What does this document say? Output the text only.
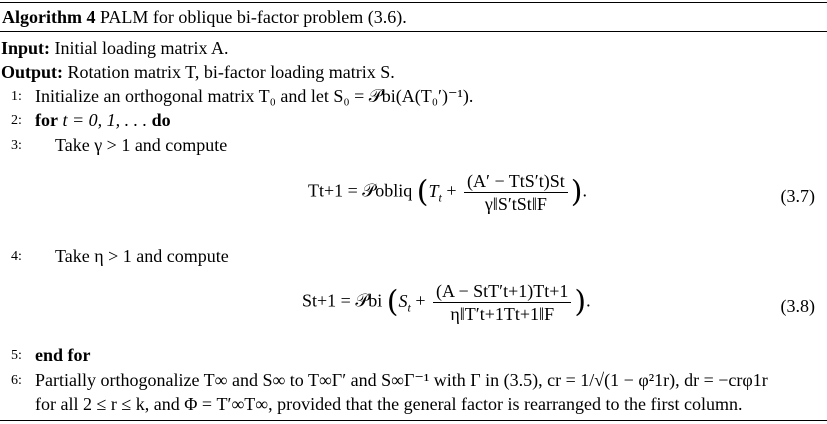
Algorithm 4 PALM for oblique bi-factor problem (3.6).
Input: Initial loading matrix A.
Output: Rotation matrix T, bi-factor loading matrix S.
1: Initialize an orthogonal matrix T₀ and let S₀ = 𝒫bi(A(T₀′)⁻¹).
2: for t = 0, 1, . . . do
3: Take γ > 1 and compute
Tt+1 = 𝒫obliq ($T_t + \frac{\text{(A′ − TtS′t)St}}{\text{γ‖S′tSt‖F}}$ ).	(3.7)
4: Take η > 1 and compute
St+1 = 𝒫bi ($S_t + \frac{\text{(A − StT′t+1)Tt+1}}{\eta‖T't+1Tt+1‖F}$ ).	(3.8)
5: end for
6: Partially orthogonalize T∞ and S∞ to T∞Γ′ and S∞Γ⁻¹ with Γ in (3.5), cr = 1/√(1 − φ²1r), dr = −crφ1r
for all 2 ≤ r ≤ k, and Φ = T′∞T∞, provided that the general factor is rearranged to the first column.
